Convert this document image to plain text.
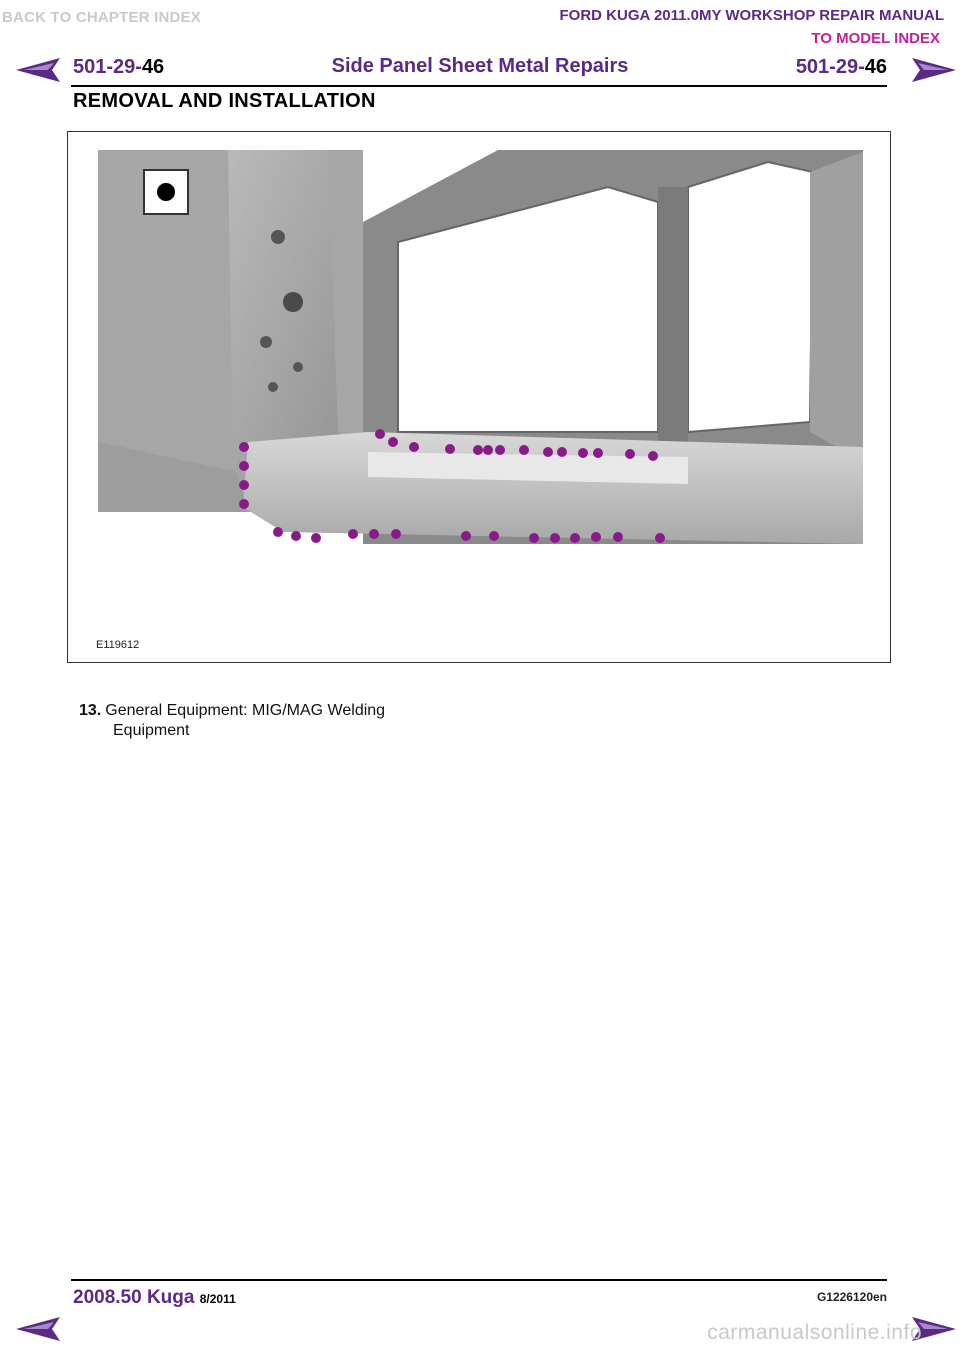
BACK TO CHAPTER INDEX	FORD KUGA 2011.0MY WORKSHOP REPAIR MANUAL
TO MODEL INDEX
501-29-46	Side Panel Sheet Metal Repairs	501-29-46
REMOVAL AND INSTALLATION
E119612
13. General Equipment: MIG/MAG Welding
Equipment
2008.50 Kuga 8/2011	G1226120en
carmanualsonline.info
